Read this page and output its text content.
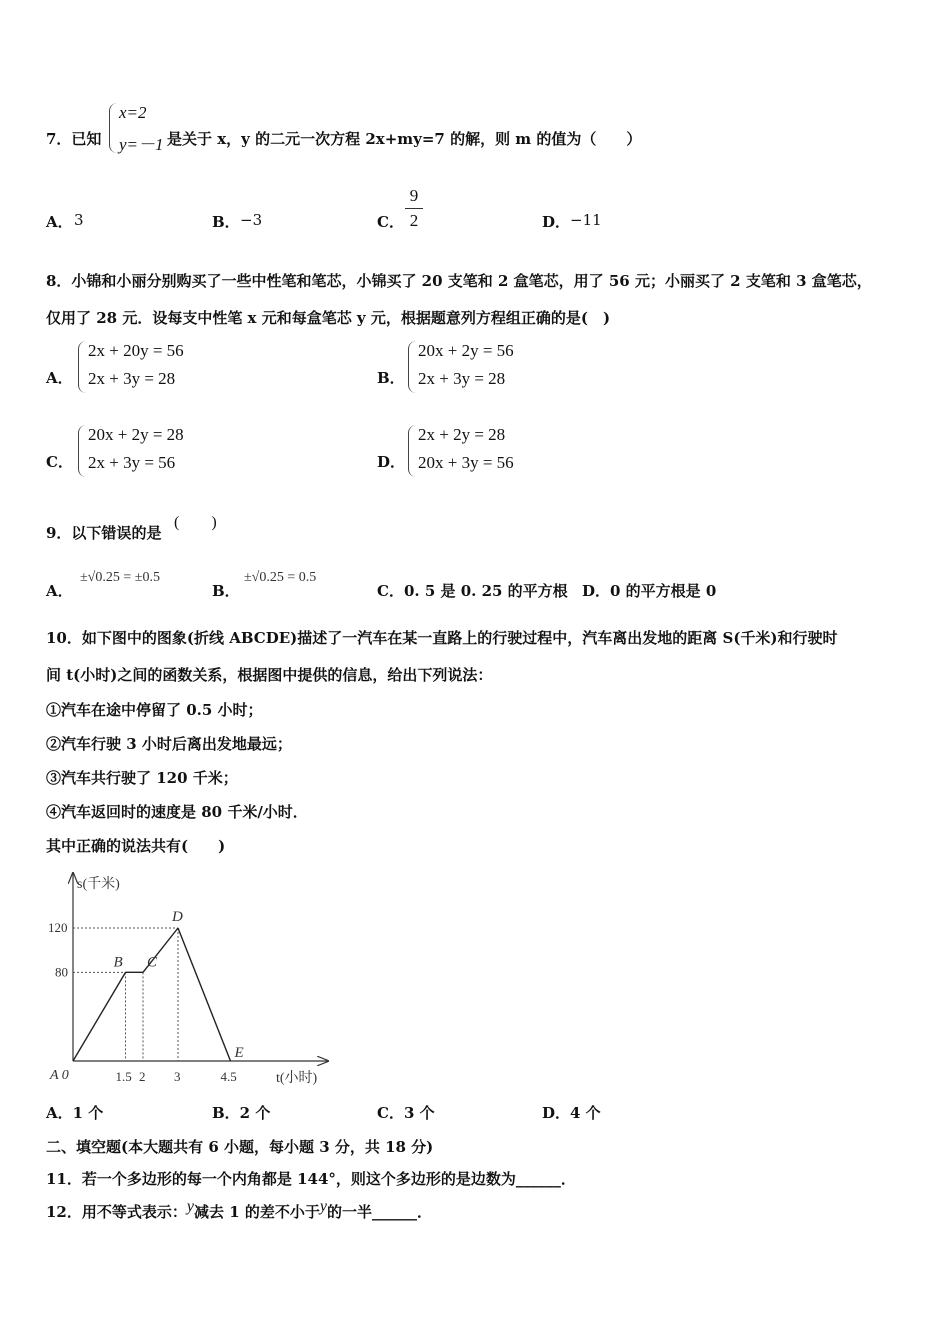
7．已知
x=2
y=－1 是关于 x，y 的二元一次方程 2x+my=7 的解，则 m 的值为（　　）
A． 3	B． −3	C．
9
2	D． −11
8．小锦和小丽分别购买了一些中性笔和笔芯，小锦买了 20 支笔和 2 盒笔芯，用了 56 元；小丽买了 2 支笔和 3 盒笔芯，
仅用了 28 元．设每支中性笔 x 元和每盒笔芯 y 元，根据题意列方程组正确的是(　)
A．
2x + 20y = 56
2x + 3y = 28	B．
20x + 2y = 56
2x + 3y = 28
C．
20x + 2y = 28
2x + 3y = 56	D．
2x + 2y = 28
20x + 3y = 56
9．以下错误的是
(　　)
A．
±√0.25 = ±0.5
B．
±√0.25 = 0.5
C．0. 5 是 0. 25 的平方根 D．0 的平方根是 0
10．如下图中的图象(折线 ABCDE)描述了一汽车在某一直路上的行驶过程中，汽车离出发地的距离 S(千米)和行驶时
间 t(小时)之间的函数关系，根据图中提供的信息，给出下列说法：
①汽车在途中停留了 0.5 小时；
②汽车行驶 3 小时后离出发地最远；
③汽车共行驶了 120 千米；
④汽车返回时的速度是 80 千米/小时．
其中正确的说法共有(　　)
s(千米)
t(小时)
A 0	1.5 2 3	4.5
80
120
B C
D
E
A．1 个	B．2 个	C．3 个	D．4 个
二、填空题(本大题共有 6 小题，每小题 3 分，共 18 分)
11．若一个多边形的每一个内角都是 144°，则这个多边形的是边数为______．
12．用不等式表示：y减去 1 的差不小于y的一半______．
